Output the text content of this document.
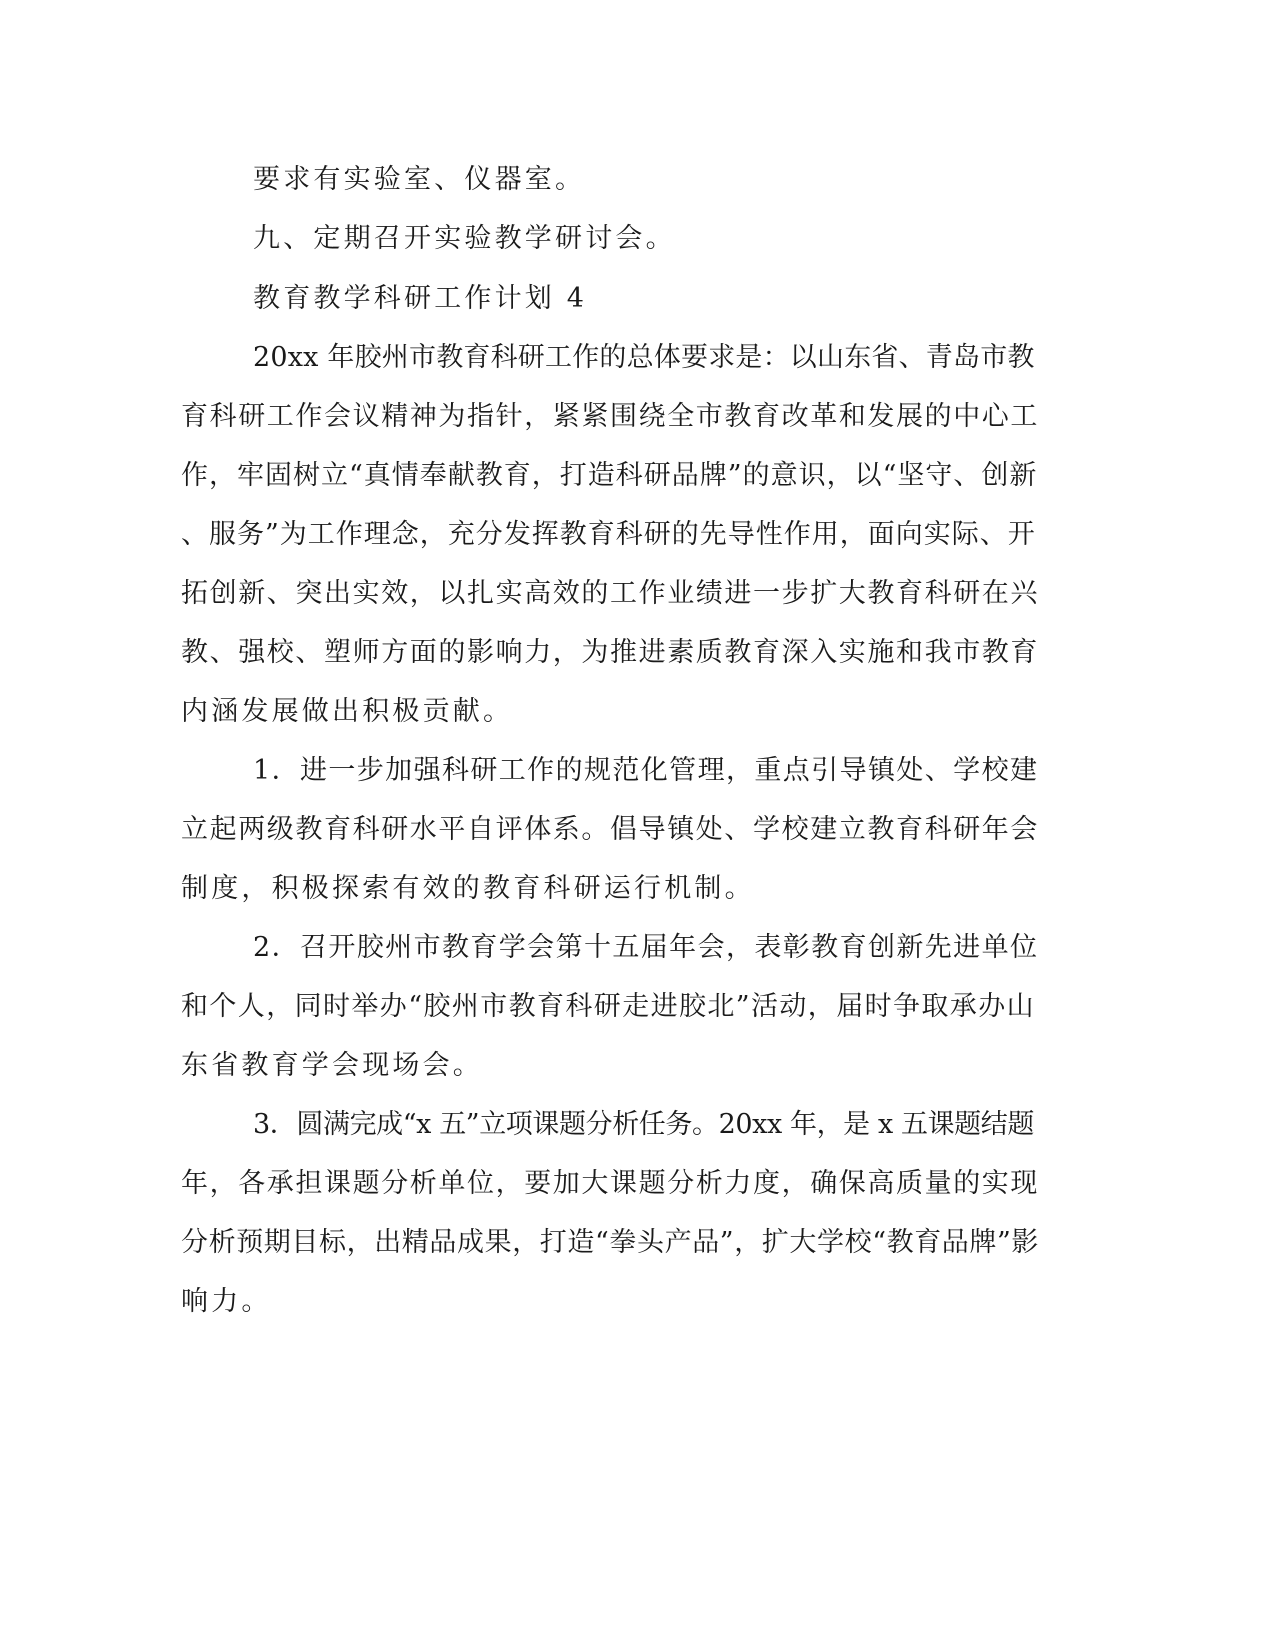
要求有实验室、仪器室。
九、定期召开实验教学研讨会。
教育教学科研工作计划 4
20xx 年胶州市教育科研工作的总体要求是：以山东省、青岛市教
育科研工作会议精神为指针，紧紧围绕全市教育改革和发展的中心工
作，牢固树立“真情奉献教育，打造科研品牌”的意识，以“坚守、创新
、服务”为工作理念，充分发挥教育科研的先导性作用，面向实际、开
拓创新、突出实效，以扎实高效的工作业绩进一步扩大教育科研在兴
教、强校、塑师方面的影响力，为推进素质教育深入实施和我市教育
内涵发展做出积极贡献。
1．进一步加强科研工作的规范化管理，重点引导镇处、学校建
立起两级教育科研水平自评体系。倡导镇处、学校建立教育科研年会
制度，积极探索有效的教育科研运行机制。
2．召开胶州市教育学会第十五届年会，表彰教育创新先进单位
和个人，同时举办“胶州市教育科研走进胶北”活动，届时争取承办山
东省教育学会现场会。
3．圆满完成“x 五”立项课题分析任务。20xx 年，是 x 五课题结题
年，各承担课题分析单位，要加大课题分析力度，确保高质量的实现
分析预期目标，出精品成果，打造“拳头产品”，扩大学校“教育品牌”影
响力。
